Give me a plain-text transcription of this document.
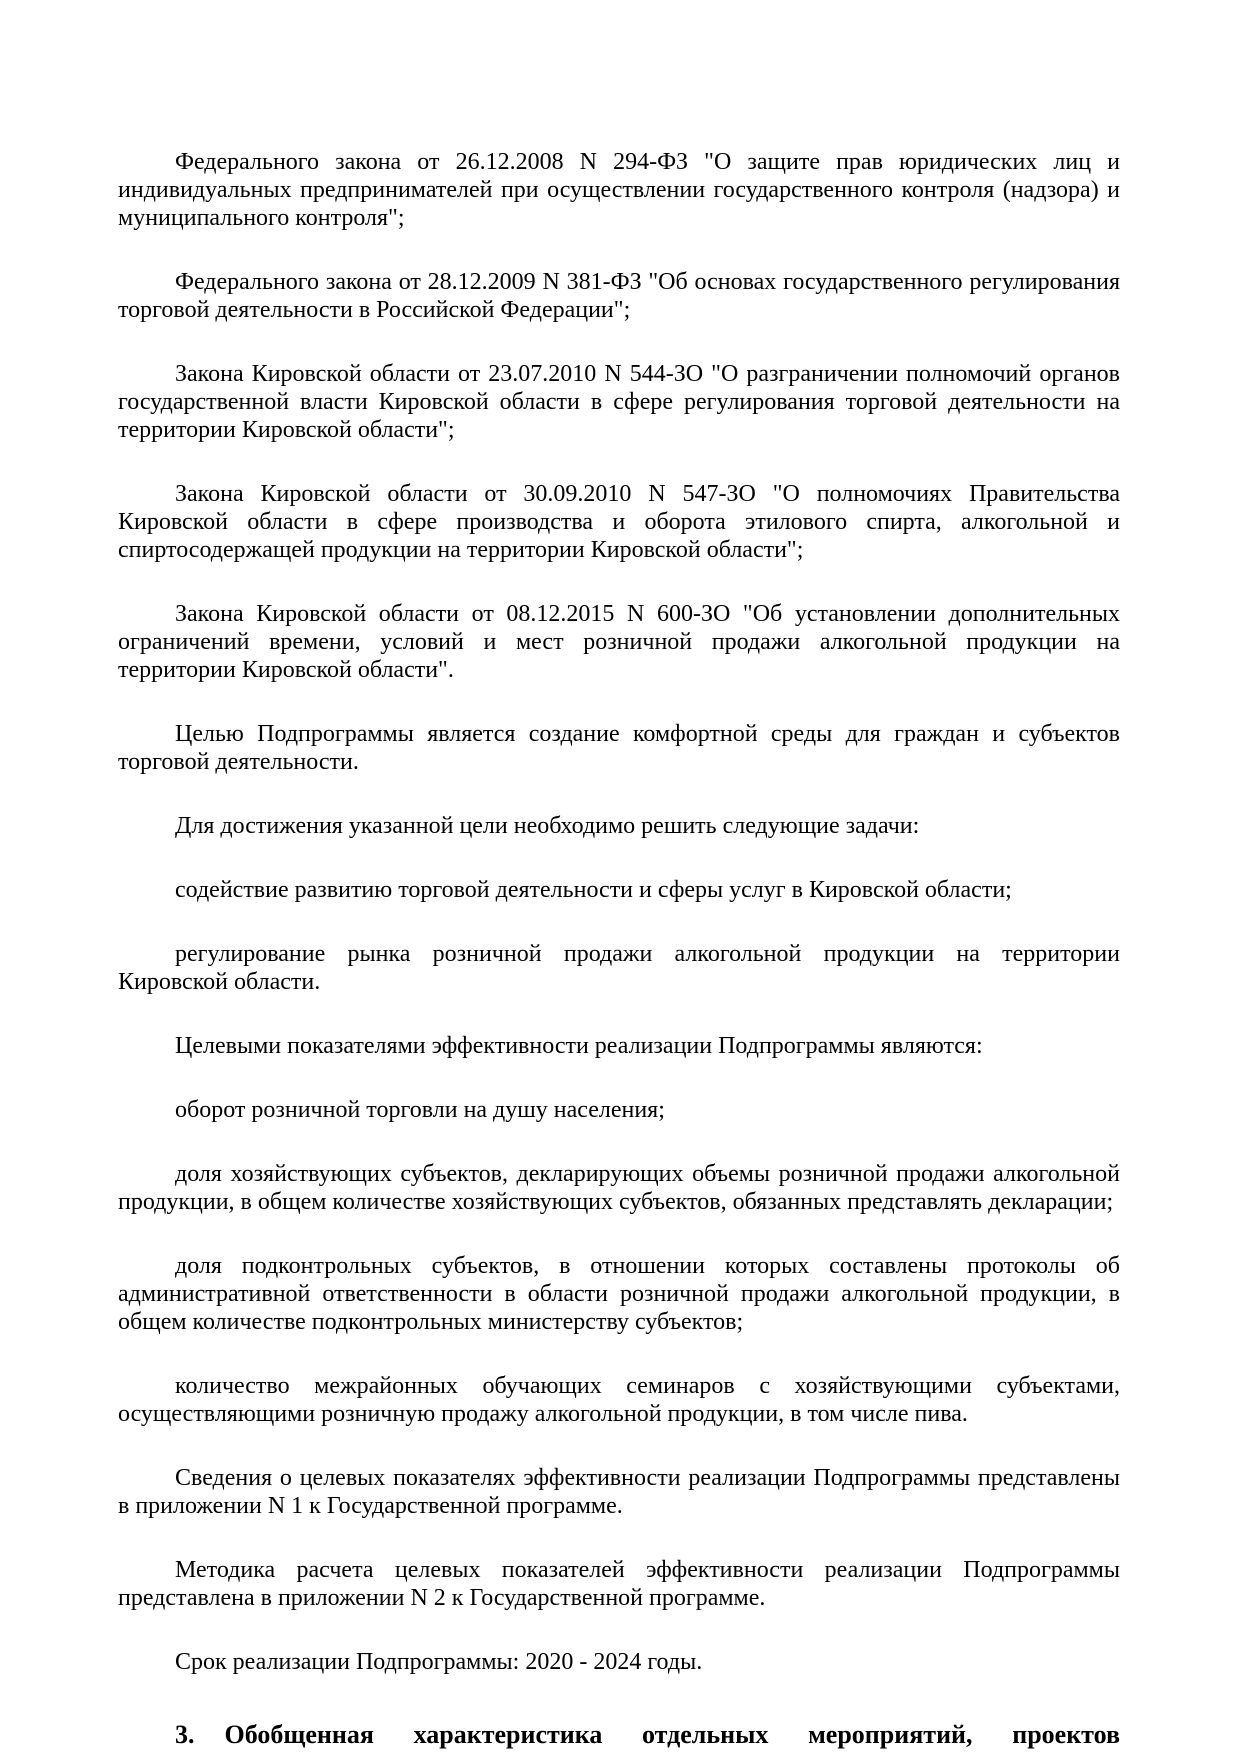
Федерального закона от 26.12.2008 N 294-ФЗ "О защите прав юридических лиц и индивидуальных предпринимателей при осуществлении государственного контроля (надзора) и муниципального контроля";

Федерального закона от 28.12.2009 N 381-ФЗ "Об основах государственного регулирования торговой деятельности в Российской Федерации";

Закона Кировской области от 23.07.2010 N 544-ЗО "О разграничении полномочий органов государственной власти Кировской области в сфере регулирования торговой деятельности на территории Кировской области";

Закона Кировской области от 30.09.2010 N 547-ЗО "О полномочиях Правительства Кировской области в сфере производства и оборота этилового спирта, алкогольной и спиртосодержащей продукции на территории Кировской области";

Закона Кировской области от 08.12.2015 N 600-ЗО "Об установлении дополнительных ограничений времени, условий и мест розничной продажи алкогольной продукции на территории Кировской области".

Целью Подпрограммы является создание комфортной среды для граждан и субъектов торговой деятельности.

Для достижения указанной цели необходимо решить следующие задачи:

содействие развитию торговой деятельности и сферы услуг в Кировской области;

регулирование рынка розничной продажи алкогольной продукции на территории Кировской области.

Целевыми показателями эффективности реализации Подпрограммы являются:

оборот розничной торговли на душу населения;

доля хозяйствующих субъектов, декларирующих объемы розничной продажи алкогольной продукции, в общем количестве хозяйствующих субъектов, обязанных представлять декларации;

доля подконтрольных субъектов, в отношении которых составлены протоколы об административной ответственности в области розничной продажи алкогольной продукции, в общем количестве подконтрольных министерству субъектов;

количество межрайонных обучающих семинаров с хозяйствующими субъектами, осуществляющими розничную продажу алкогольной продукции, в том числе пива.

Сведения о целевых показателях эффективности реализации Подпрограммы представлены в приложении N 1 к Государственной программе.

Методика расчета целевых показателей эффективности реализации Подпрограммы представлена в приложении N 2 к Государственной программе.

Срок реализации Подпрограммы: 2020 - 2024 годы.

3. Обобщенная характеристика отдельных мероприятий, проектов
